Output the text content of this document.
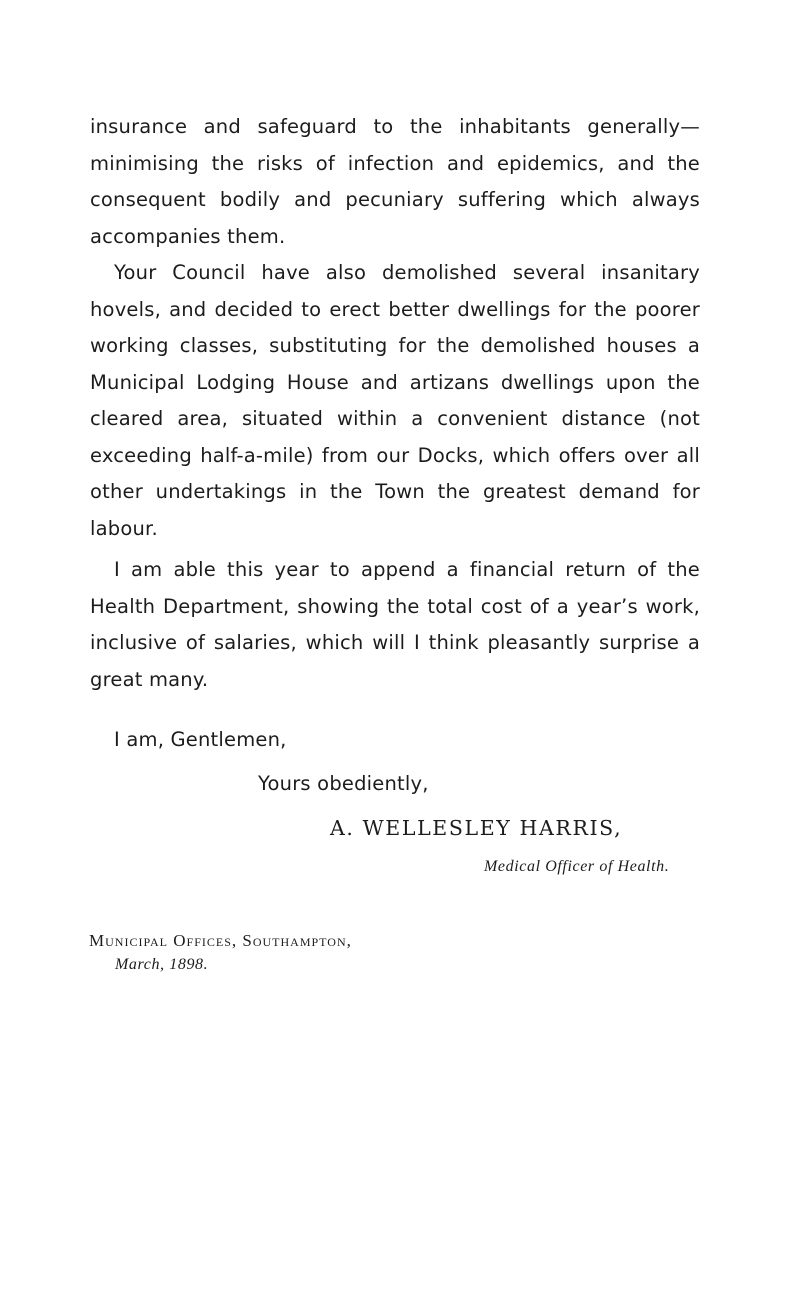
insurance and safeguard to the inhabitants generally— minimising the risks of infection and epidemics, and the consequent bodily and pecuniary suffering which always accompanies them.

Your Council have also demolished several insanitary hovels, and decided to erect better dwellings for the poorer working classes, substituting for the demolished houses a Municipal Lodging House and artizans dwellings upon the cleared area, situated within a convenient distance (not exceeding half-a-mile) from our Docks, which offers over all other undertakings in the Town the greatest demand for labour.

I am able this year to append a financial return of the Health Department, showing the total cost of a year’s work, inclusive of salaries, which will I think pleasantly surprise a great many.

I am, Gentlemen,

Yours obediently,

A. WELLESLEY HARRIS,

Medical Officer of Health.

Municipal Offices, Southampton,

March, 1898.
